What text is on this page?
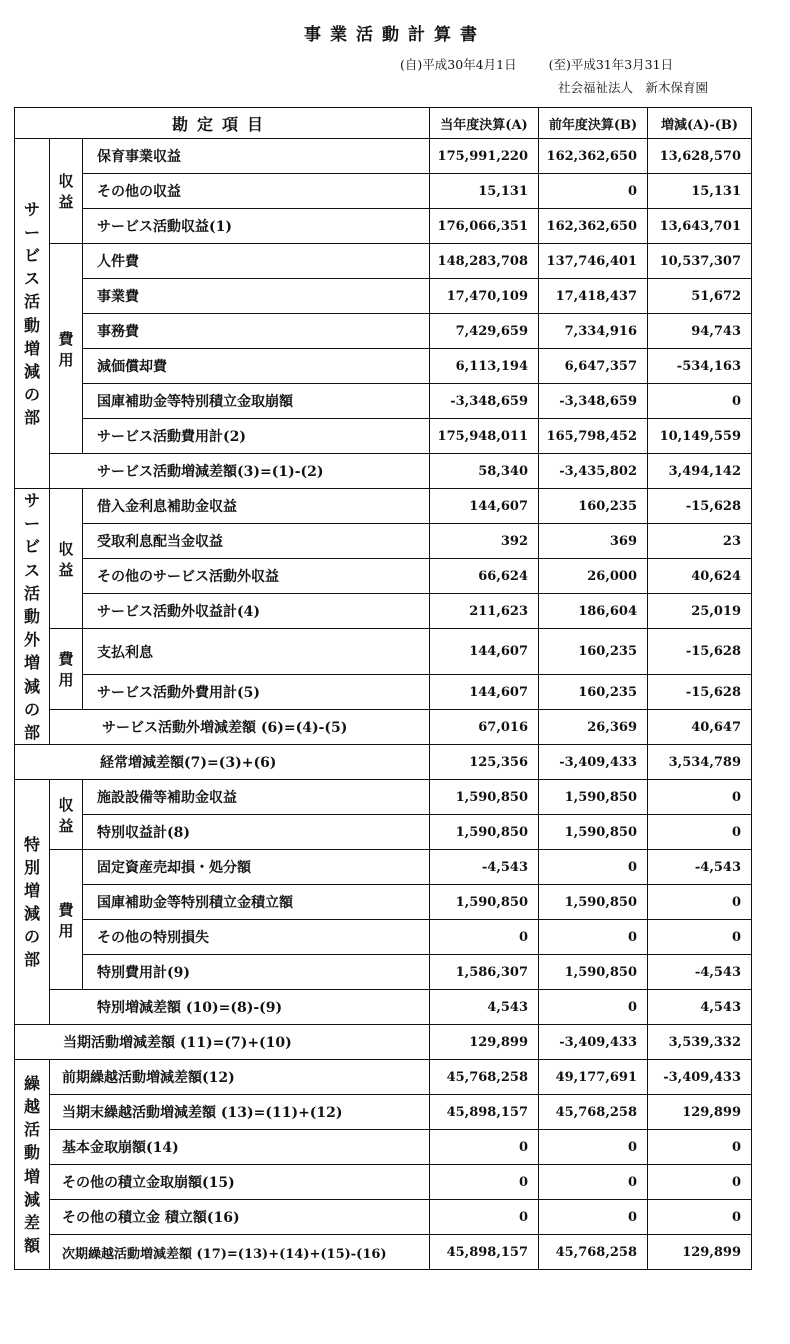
事業活動計算書
(自)平成30年4月1日	(至)平成31年3月31日
社会福祉法人　新木保育園
勘定項目			当年度決算(A)	前年度決算(B)	増減(A)-(B)
サービス活動増減の部	収益	保育事業収益	175,991,220	162,362,650	13,628,570
		その他の収益	15,131	0	15,131
		サービス活動収益(1)	176,066,351	162,362,650	13,643,701
	費用	人件費	148,283,708	137,746,401	10,537,307
		事業費	17,470,109	17,418,437	51,672
		事務費	7,429,659	7,334,916	94,743
		減価償却費	6,113,194	6,647,357	-534,163
		国庫補助金等特別積立金取崩額	-3,348,659	-3,348,659	0
		サービス活動費用計(2)	175,948,011	165,798,452	10,149,559
	サービス活動増減差額(3)=(1)-(2)		58,340	-3,435,802	3,494,142
サービス活動外増減の部	収益	借入金利息補助金収益	144,607	160,235	-15,628
		受取利息配当金収益	392	369	23
		その他のサービス活動外収益	66,624	26,000	40,624
		サービス活動外収益計(4)	211,623	186,604	25,019
	費用	支払利息	144,607	160,235	-15,628
		サービス活動外費用計(5)	144,607	160,235	-15,628
	サービス活動外増減差額 (6)=(4)-(5)		67,016	26,369	40,647
経常増減差額(7)=(3)+(6)			125,356	-3,409,433	3,534,789
特別増減の部	収益	施設設備等補助金収益	1,590,850	1,590,850	0
		特別収益計(8)	1,590,850	1,590,850	0
	費用	固定資産売却損・処分額	-4,543	0	-4,543
		国庫補助金等特別積立金積立額	1,590,850	1,590,850	0
		その他の特別損失	0	0	0
		特別費用計(9)	1,586,307	1,590,850	-4,543
	特別増減差額 (10)=(8)-(9)		4,543	0	4,543
当期活動増減差額 (11)=(7)+(10)			129,899	-3,409,433	3,539,332
繰越活動増減差額	前期繰越活動増減差額(12)		45,768,258	49,177,691	-3,409,433
	当期末繰越活動増減差額 (13)=(11)+(12)		45,898,157	45,768,258	129,899
	基本金取崩額(14)		0	0	0
	その他の積立金取崩額(15)		0	0	0
	その他の積立金 積立額(16)		0	0	0
	次期繰越活動増減差額 (17)=(13)+(14)+(15)-(16)		45,898,157	45,768,258	129,899
